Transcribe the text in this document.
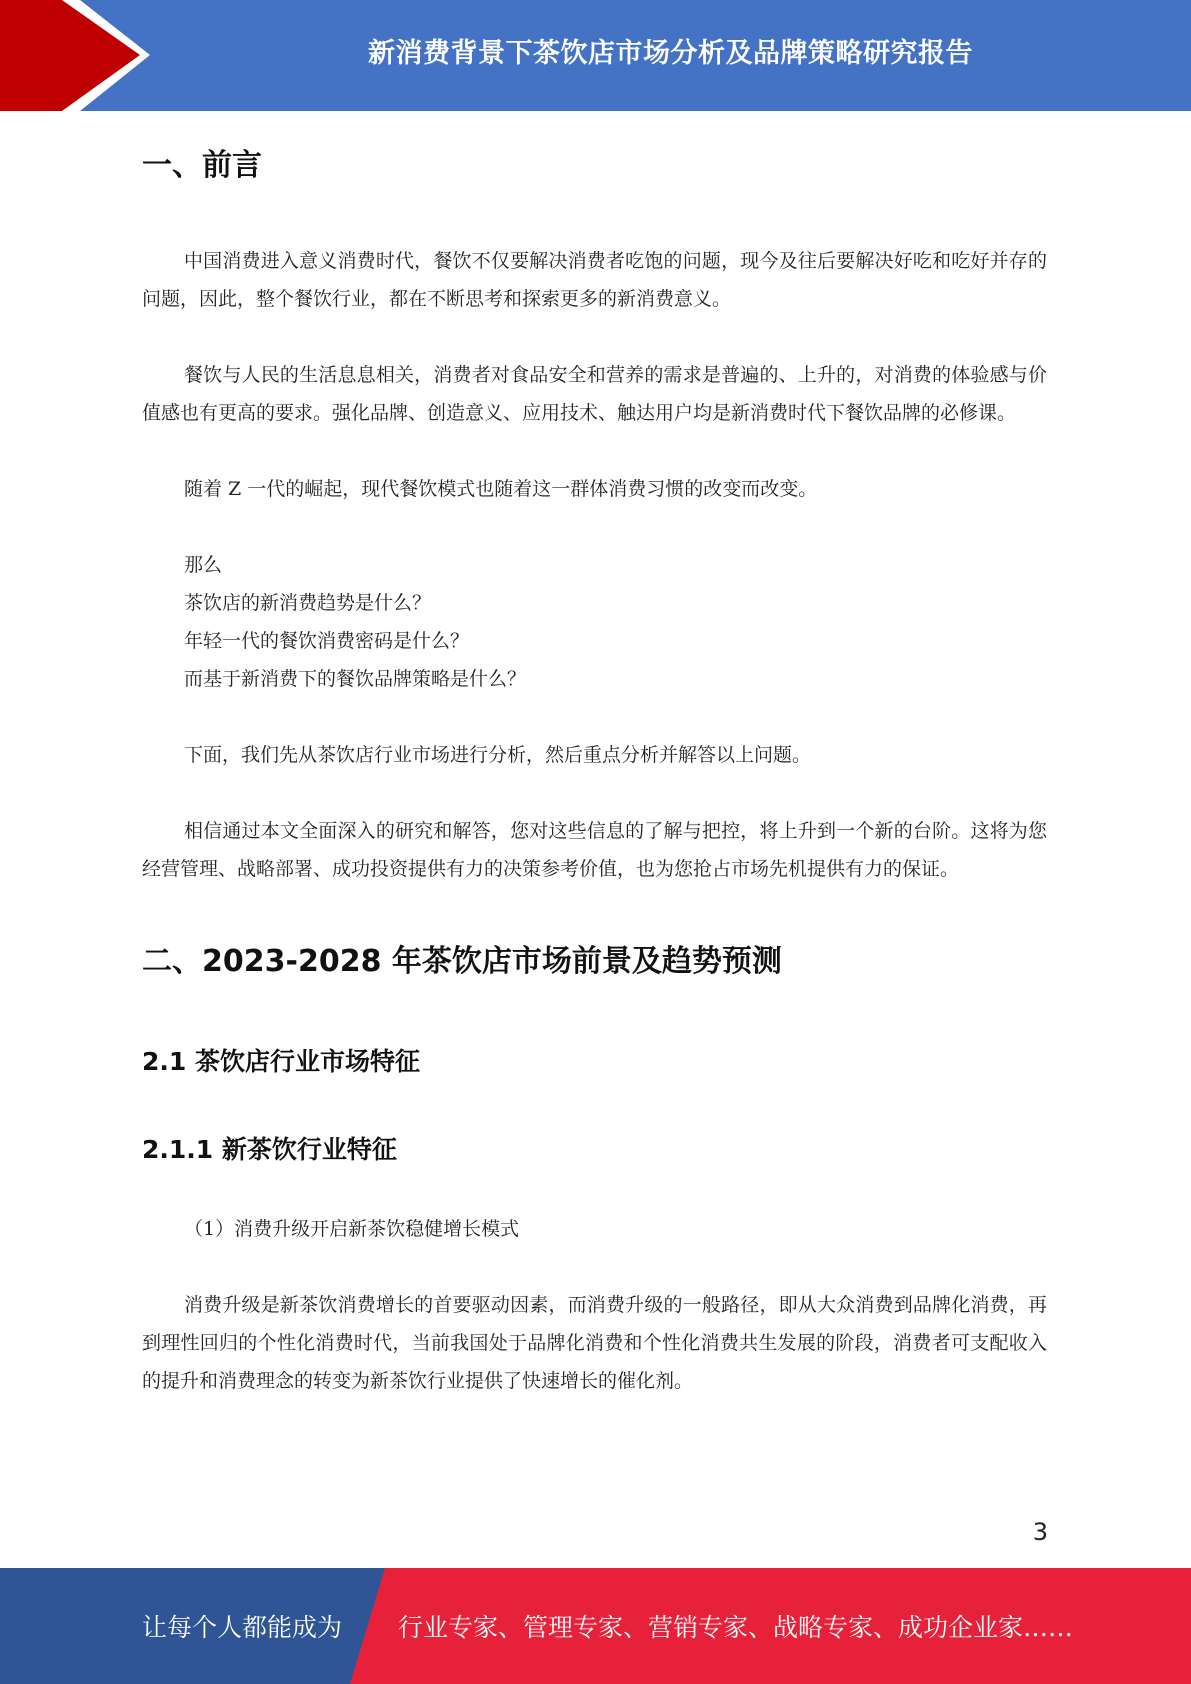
新消费背景下茶饮店市场分析及品牌策略研究报告
一、前言

中国消费进入意义消费时代，餐饮不仅要解决消费者吃饱的问题，现今及往后要解决好吃和吃好并存的问题，因此，整个餐饮行业，都在不断思考和探索更多的新消费意义。

餐饮与人民的生活息息相关，消费者对食品安全和营养的需求是普遍的、上升的，对消费的体验感与价值感也有更高的要求。强化品牌、创造意义、应用技术、触达用户均是新消费时代下餐饮品牌的必修课。

随着 Z 一代的崛起，现代餐饮模式也随着这一群体消费习惯的改变而改变。

那么

茶饮店的新消费趋势是什么？

年轻一代的餐饮消费密码是什么？

而基于新消费下的餐饮品牌策略是什么？

下面，我们先从茶饮店行业市场进行分析，然后重点分析并解答以上问题。

相信通过本文全面深入的研究和解答，您对这些信息的了解与把控，将上升到一个新的台阶。这将为您经营管理、战略部署、成功投资提供有力的决策参考价值，也为您抢占市场先机提供有力的保证。

二、2023-2028 年茶饮店市场前景及趋势预测
2.1 茶饮店行业市场特征
2.1.1 新茶饮行业特征

（1）消费升级开启新茶饮稳健增长模式

消费升级是新茶饮消费增长的首要驱动因素，而消费升级的一般路径，即从大众消费到品牌化消费，再到理性回归的个性化消费时代，当前我国处于品牌化消费和个性化消费共生发展的阶段，消费者可支配收入的提升和消费理念的转变为新茶饮行业提供了快速增长的催化剂。

3
让每个人都能成为 行业专家、管理专家、营销专家、战略专家、成功企业家……
